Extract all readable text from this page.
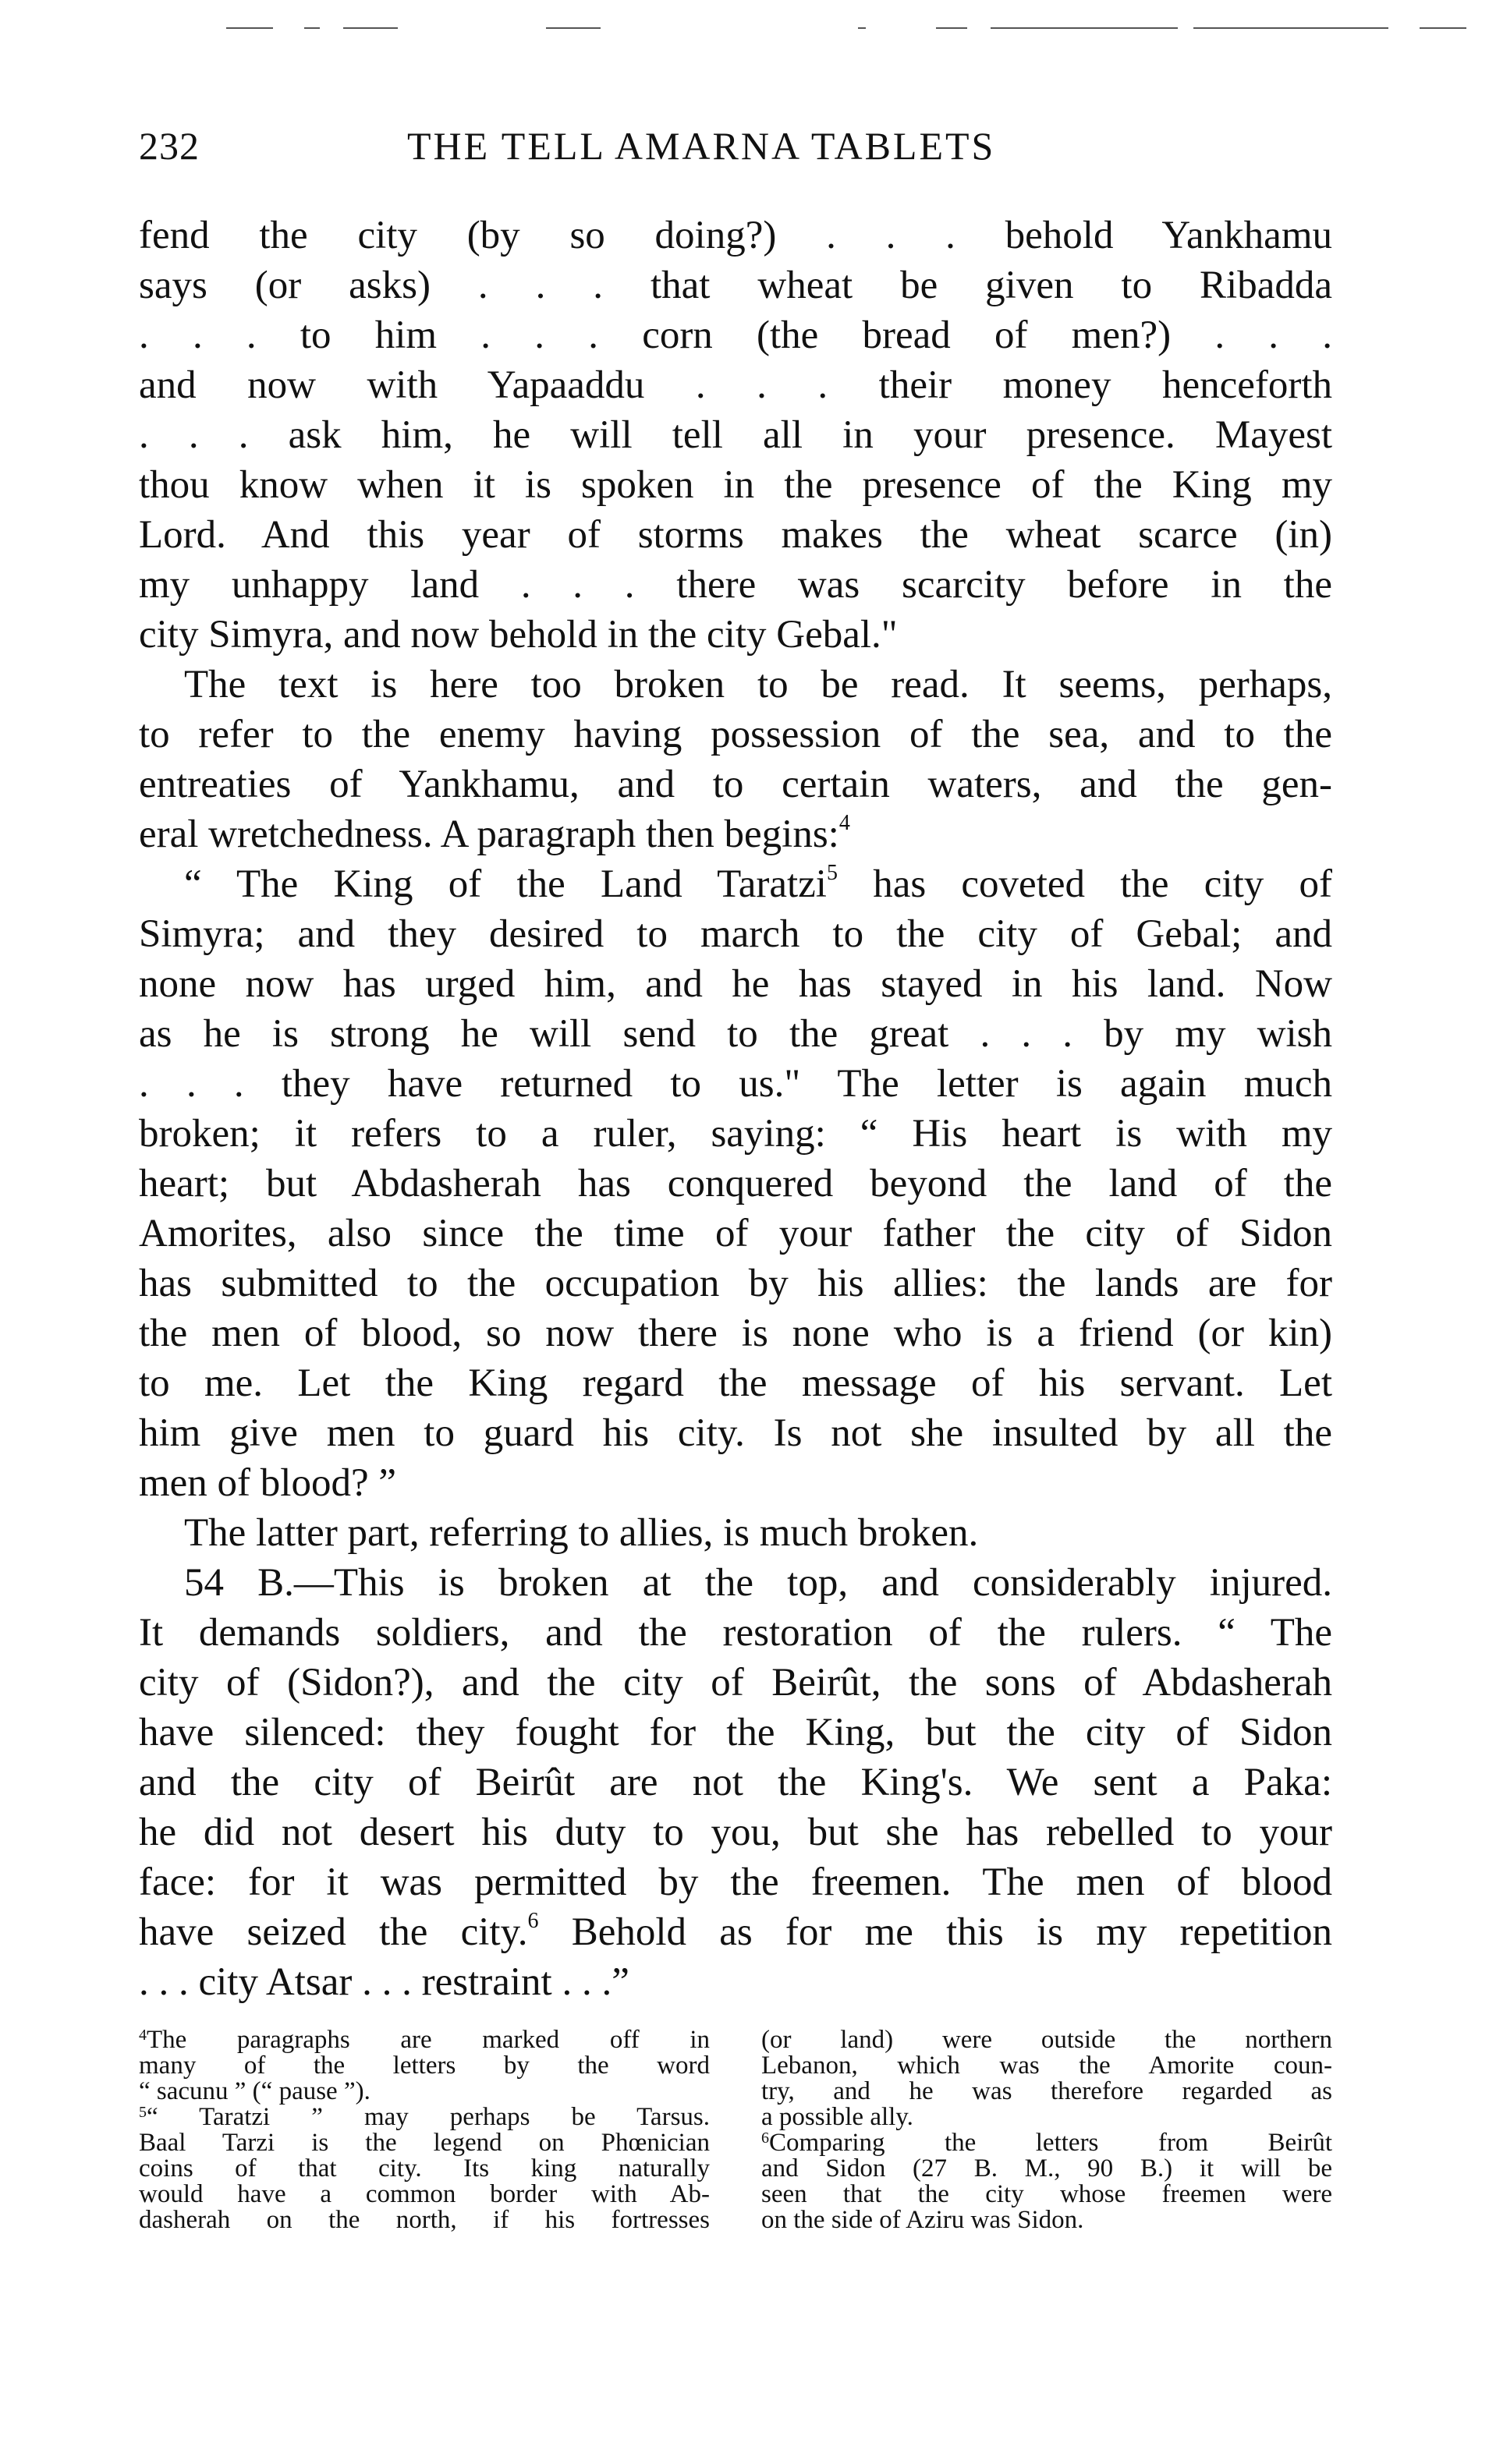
232	THE TELL AMARNA TABLETS
fend the city (by so doing?) . . . behold Yankhamu
says (or asks) . . . that wheat be given to Ribadda
. . . to him . . . corn (the bread of men?) . . .
and now with Yapaaddu . . . their money henceforth
. . . ask him, he will tell all in your presence. Mayest
thou know when it is spoken in the presence of the King my
Lord. And this year of storms makes the wheat scarce (in)
my unhappy land . . . there was scarcity before in the
city Simyra, and now behold in the city Gebal."
The text is here too broken to be read. It seems, perhaps,
to refer to the enemy having possession of the sea, and to the
entreaties of Yankhamu, and to certain waters, and the gen-
eral wretchedness. A paragraph then begins:$^4$
“ The King of the Land Taratzi$^5$ has coveted the city of
Simyra; and they desired to march to the city of Gebal; and
none now has urged him, and he has stayed in his land. Now
as he is strong he will send to the great . . . by my wish
. . . they have returned to us." The letter is again much
broken; it refers to a ruler, saying: “ His heart is with my
heart; but Abdasherah has conquered beyond the land of the
Amorites, also since the time of your father the city of Sidon
has submitted to the occupation by his allies: the lands are for
the men of blood, so now there is none who is a friend (or kin)
to me. Let the King regard the message of his servant. Let
him give men to guard his city. Is not she insulted by all the
men of blood? ”
The latter part, referring to allies, is much broken.
54 B.—This is broken at the top, and considerably injured.
It demands soldiers, and the restoration of the rulers. “ The
city of (Sidon?), and the city of Beirût, the sons of Abdasherah
have silenced: they fought for the King, but the city of Sidon
and the city of Beirût are not the King's. We sent a Paka:
he did not desert his duty to you, but she has rebelled to your
face: for it was permitted by the freemen. The men of blood
have seized the city.$^6$ Behold as for me this is my repetition
. . . city Atsar . . . restraint . . .”
$^4$The paragraphs are marked off in
many of the letters by the word
“ sacunu ” (“ pause ”).
$^5$“ Taratzi ” may perhaps be Tarsus.
Baal Tarzi is the legend on Phœnician
coins of that city. Its king naturally
would have a common border with Ab-
dasherah on the north, if his fortresses
(or land) were outside the northern
Lebanon, which was the Amorite coun-
try, and he was therefore regarded as
a possible ally.
$^6$Comparing the letters from Beirût
and Sidon (27 B. M., 90 B.) it will be
seen that the city whose freemen were
on the side of Aziru was Sidon.
